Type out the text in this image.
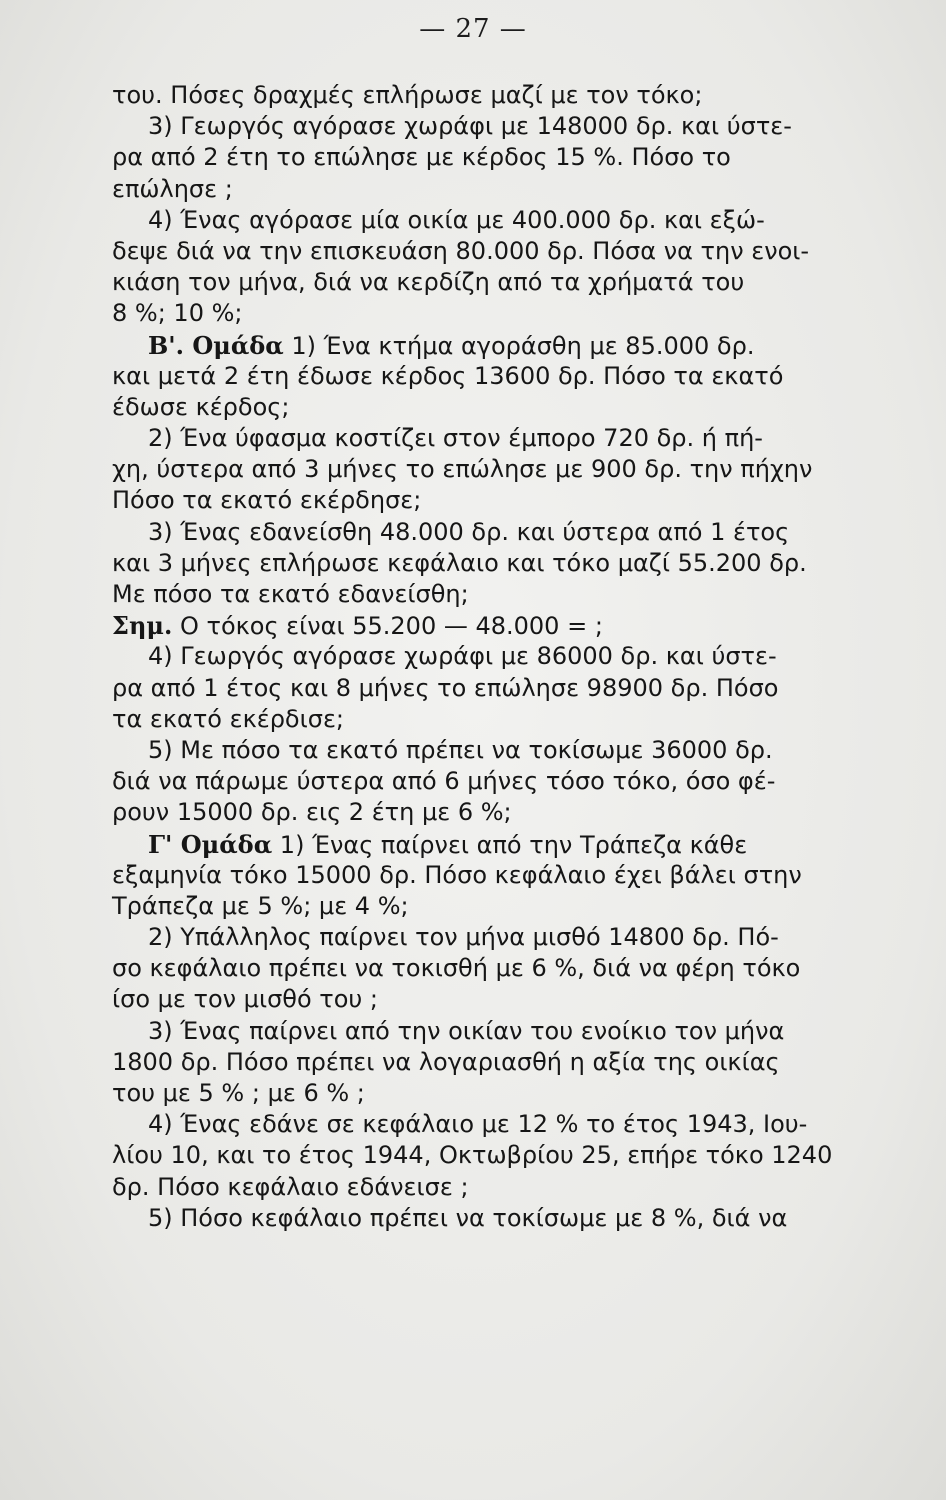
— 27 —
του. Πόσες δραχμές επλήρωσε μαζί με τον τόκο;
3) Γεωργός αγόρασε χωράφι με 148000 δρ. και ύστε-
ρα από 2 έτη το επώλησε με κέρδος 15 %. Πόσο το
επώλησε ;
4) Ένας αγόρασε μία οικία με 400.000 δρ. και εξώ-
δεψε διά να την επισκευάση 80.000 δρ. Πόσα να την ενοι-
κιάση τον μήνα, διά να κερδίζη από τα χρήματά του
8 %; 10 %;
Β'. Ομάδα 1) Ένα κτήμα αγοράσθη με 85.000 δρ.
και μετά 2 έτη έδωσε κέρδος 13600 δρ. Πόσο τα εκατό
έδωσε κέρδος;
2) Ένα ύφασμα κοστίζει στον έμπορο 720 δρ. ή πή-
χη, ύστερα από 3 μήνες το επώλησε με 900 δρ. την πήχην
Πόσο τα εκατό εκέρδησε;
3) Ένας εδανείσθη 48.000 δρ. και ύστερα από 1 έτος
και 3 μήνες επλήρωσε κεφάλαιο και τόκο μαζί 55.200 δρ.
Με πόσο τα εκατό εδανείσθη;
Σημ. Ο τόκος είναι 55.200 — 48.000 = ;
4) Γεωργός αγόρασε χωράφι με 86000 δρ. και ύστε-
ρα από 1 έτος και 8 μήνες το επώλησε 98900 δρ. Πόσο
τα εκατό εκέρδισε;
5) Με πόσο τα εκατό πρέπει να τοκίσωμε 36000 δρ.
διά να πάρωμε ύστερα από 6 μήνες τόσο τόκο, όσο φέ-
ρουν 15000 δρ. εις 2 έτη με 6 %;
Γ' Ομάδα 1) Ένας παίρνει από την Τράπεζα κάθε
εξαμηνία τόκο 15000 δρ. Πόσο κεφάλαιο έχει βάλει στην
Τράπεζα με 5 %; με 4 %;
2) Υπάλληλος παίρνει τον μήνα μισθό 14800 δρ. Πό-
σο κεφάλαιο πρέπει να τοκισθή με 6 %, διά να φέρη τόκο
ίσο με τον μισθό του ;
3) Ένας παίρνει από την οικίαν του ενοίκιο τον μήνα
1800 δρ. Πόσο πρέπει να λογαριασθή η αξία της οικίας
του με 5 % ; με 6 % ;
4) Ένας εδάνε σε κεφάλαιο με 12 % το έτος 1943, Ιου-
λίου 10, και το έτος 1944, Οκτωβρίου 25, επήρε τόκο 1240
δρ. Πόσο κεφάλαιο εδάνεισε ;
5) Πόσο κεφάλαιο πρέπει να τοκίσωμε με 8 %, διά να
